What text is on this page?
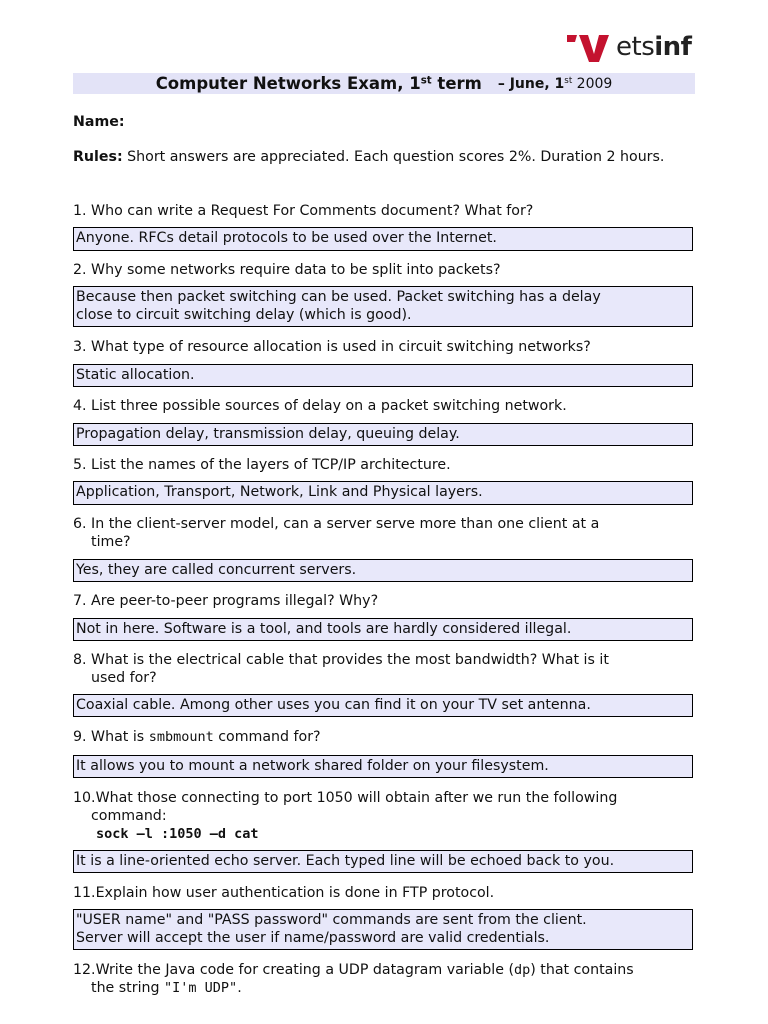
etsinf
Computer Networks Exam, 1st term – June, 1st 2009
Name:
Rules: Short answers are appreciated. Each question scores 2%. Duration 2 hours.
1. Who can write a Request For Comments document? What for?
Anyone. RFCs detail protocols to be used over the Internet.
2. Why some networks require data to be split into packets?
Because then packet switching can be used. Packet switching has a delay
close to circuit switching delay (which is good).
3. What type of resource allocation is used in circuit switching networks?
Static allocation.
4. List three possible sources of delay on a packet switching network.
Propagation delay, transmission delay, queuing delay.
5. List the names of the layers of TCP/IP architecture.
Application, Transport, Network, Link and Physical layers.
6. In the client-server model, can a server serve more than one client at a
time?
Yes, they are called concurrent servers.
7. Are peer-to-peer programs illegal? Why?
Not in here. Software is a tool, and tools are hardly considered illegal.
8. What is the electrical cable that provides the most bandwidth? What is it
used for?
Coaxial cable. Among other uses you can find it on your TV set antenna.
9. What is smbmount command for?
It allows you to mount a network shared folder on your filesystem.
10.What those connecting to port 1050 will obtain after we run the following
command:
sock –l :1050 –d cat
It is a line-oriented echo server. Each typed line will be echoed back to you.
11.Explain how user authentication is done in FTP protocol.
"USER name" and "PASS password" commands are sent from the client.
Server will accept the user if name/password are valid credentials.
12.Write the Java code for creating a UDP datagram variable (dp) that contains
the string "I'm UDP".
